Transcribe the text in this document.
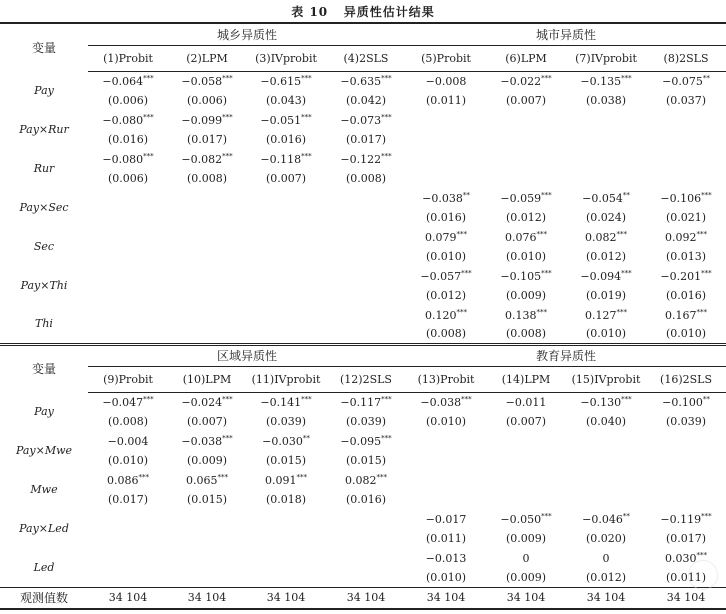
表 10   异质性估计结果
变量	城乡异质性				城市异质性			
	(1)Probit	(2)LPM	(3)IVprobit	(4)2SLS	(5)Probit	(6)LPM	(7)IVprobit	(8)2SLS
Pay	−0.064***	−0.058***	−0.615***	−0.635***	−0.008	−0.022***	−0.135***	−0.075**
	(0.006)	(0.006)	(0.043)	(0.042)	(0.011)	(0.007)	(0.038)	(0.037)
Pay×Rur	−0.080***	−0.099***	−0.051***	−0.073***				
	(0.016)	(0.017)	(0.016)	(0.017)				
Rur	−0.080***	−0.082***	−0.118***	−0.122***				
	(0.006)	(0.008)	(0.007)	(0.008)				
Pay×Sec					−0.038**	−0.059***	−0.054**	−0.106***
					(0.016)	(0.012)	(0.024)	(0.021)
Sec					0.079***	0.076***	0.082***	0.092***
					(0.010)	(0.010)	(0.012)	(0.013)
Pay×Thi					−0.057***	−0.105***	−0.094***	−0.201***
					(0.012)	(0.009)	(0.019)	(0.016)
Thi					0.120***	0.138***	0.127***	0.167***
					(0.008)	(0.008)	(0.010)	(0.010)
变量	区域异质性				教育异质性			
	(9)Probit	(10)LPM	(11)IVprobit	(12)2SLS	(13)Probit	(14)LPM	(15)IVprobit	(16)2SLS
Pay	−0.047***	−0.024***	−0.141***	−0.117***	−0.038***	−0.011	−0.130***	−0.100**
	(0.008)	(0.007)	(0.039)	(0.039)	(0.010)	(0.007)	(0.040)	(0.039)
Pay×Mwe	−0.004	−0.038***	−0.030**	−0.095***				
	(0.010)	(0.009)	(0.015)	(0.015)				
Mwe	0.086***	0.065***	0.091***	0.082***				
	(0.017)	(0.015)	(0.018)	(0.016)				
Pay×Led					−0.017	−0.050***	−0.046**	−0.119***
					(0.011)	(0.009)	(0.020)	(0.017)
Led					−0.013	0	0	0.030***
					(0.010)	(0.009)	(0.012)	(0.011)
观测值数	34 104	34 104	34 104	34 104	34 104	34 104	34 104	34 104
